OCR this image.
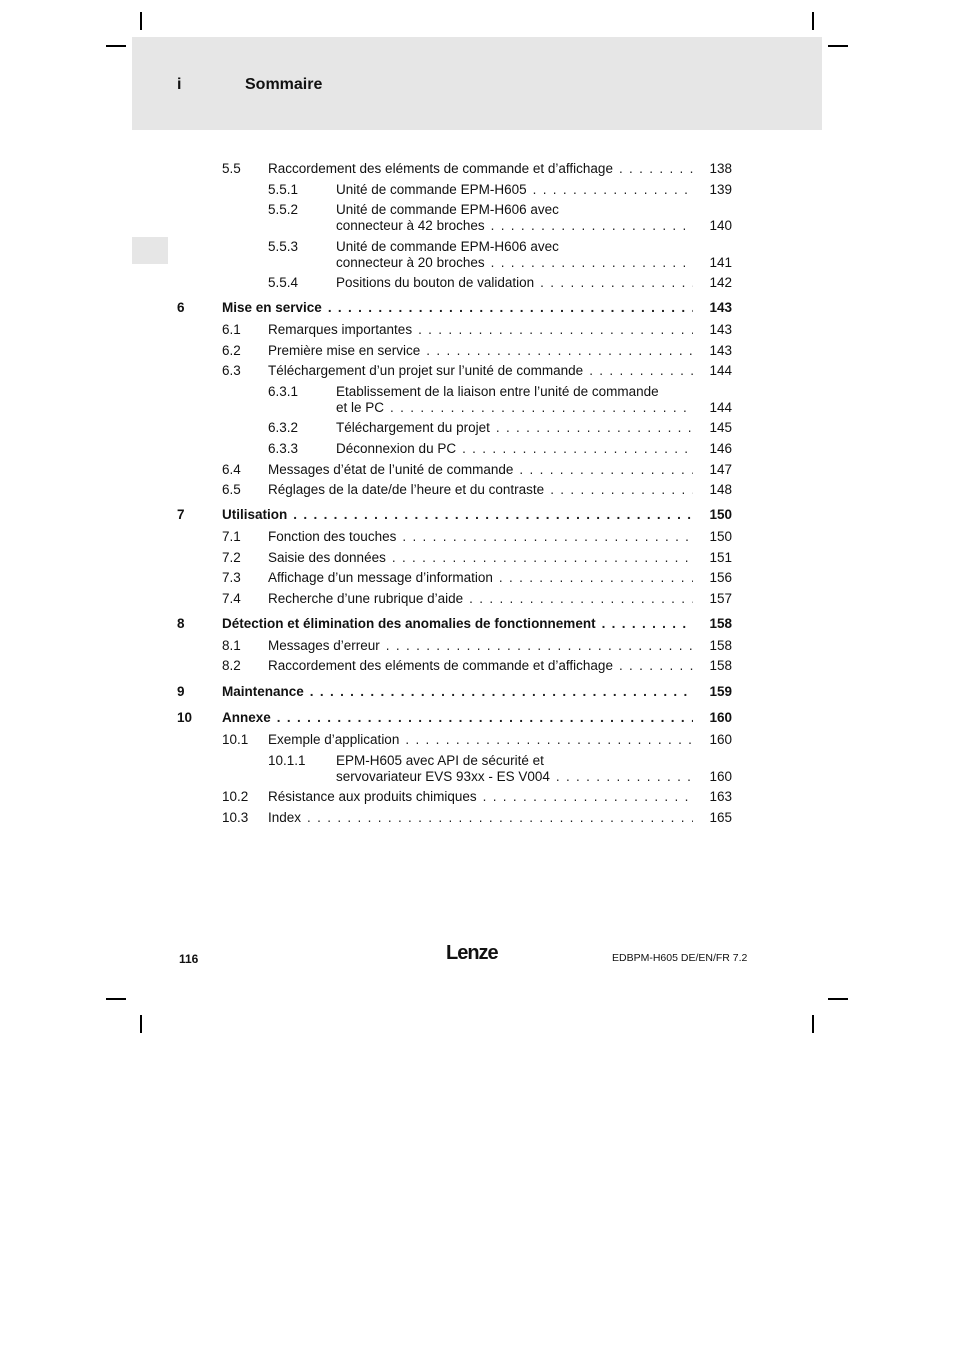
i	Sommaire
5.5 Raccordement des eléments de commande et d’affichage . . .	138
5.5.1	Unité de commande EPM-H605 . . .	139
5.5.2	Unité de commande EPM-H606 avec
connecteur à 42 broches . . .	140
5.5.3	Unité de commande EPM-H606 avec
connecteur à 20 broches . . .	141
5.5.4	Positions du bouton de validation . . .	142
6	Mise en service . . .	143
6.1 Remarques importantes . . .	143
6.2 Première mise en service . . .	143
6.3 Téléchargement d’un projet sur l’unité de commande . . .	144
6.3.1	Etablissement de la liaison entre l’unité de commande
et le PC . . .	144
6.3.2	Téléchargement du projet . . .	145
6.3.3	Déconnexion du PC . . .	146
6.4 Messages d’état de l’unité de commande . . .	147
6.5 Réglages de la date/de l’heure et du contraste . . .	148
7	Utilisation . . .	150
7.1 Fonction des touches . . .	150
7.2 Saisie des données . . .	151
7.3 Affichage d’un message d’information . . .	156
7.4 Recherche d’une rubrique d’aide . . .	157
8	Détection et élimination des anomalies de fonctionnement . . .	158
8.1 Messages d’erreur . . .	158
8.2 Raccordement des eléments de commande et d’affichage . . .	158
9	Maintenance . . .	159
10 Annexe . . .	160
10.1 Exemple d’application . . .	160
10.1.1 EPM-H605 avec API de sécurité et
servovariateur EVS 93xx - ES V004 . . .	160
10.2 Résistance aux produits chimiques . . .	163
10.3 Index . . .	165
116	Lenze	EDBPM-H605 DE/EN/FR 7.2
